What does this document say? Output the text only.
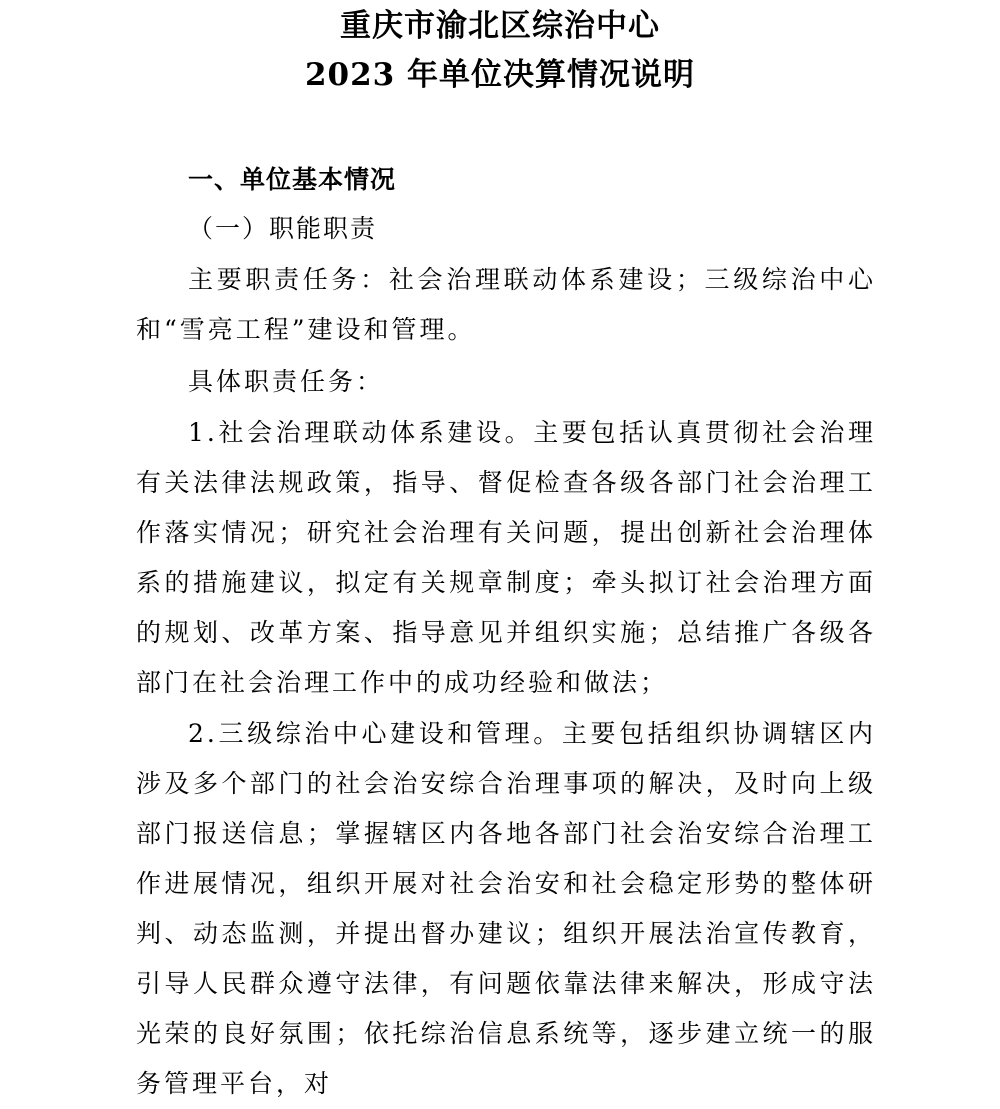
重庆市渝北区综治中心
2023 年单位决算情况说明
一、单位基本情况
（一）职能职责

主要职责任务：社会治理联动体系建设；三级综治中心和“雪亮工程”建设和管理。

具体职责任务：

1.社会治理联动体系建设。主要包括认真贯彻社会治理有关法律法规政策，指导、督促检查各级各部门社会治理工作落实情况；研究社会治理有关问题，提出创新社会治理体系的措施建议，拟定有关规章制度；牵头拟订社会治理方面的规划、改革方案、指导意见并组织实施；总结推广各级各部门在社会治理工作中的成功经验和做法；

2.三级综治中心建设和管理。主要包括组织协调辖区内涉及多个部门的社会治安综合治理事项的解决，及时向上级部门报送信息；掌握辖区内各地各部门社会治安综合治理工作进展情况，组织开展对社会治安和社会稳定形势的整体研判、动态监测，并提出督办建议；组织开展法治宣传教育，引导人民群众遵守法律，有问题依靠法律来解决，形成守法光荣的良好氛围；依托综治信息系统等，逐步建立统一的服务管理平台，对
